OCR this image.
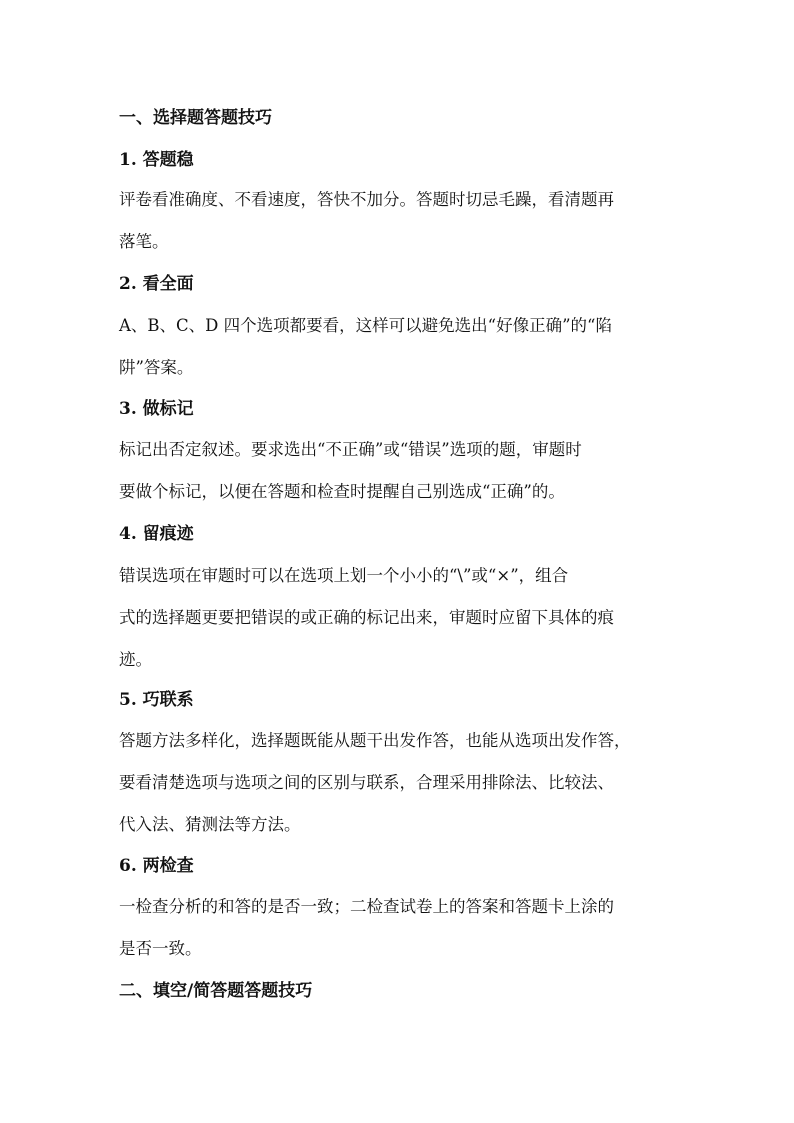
一、选择题答题技巧
1. 答题稳
评卷看准确度、不看速度，答快不加分。答题时切忌毛躁，看清题再
落笔。
2. 看全面
A、B、C、D 四个选项都要看，这样可以避免选出“好像正确”的“陷
阱”答案。
3. 做标记
标记出否定叙述。要求选出“不正确”或“错误”选项的题，审题时
要做个标记，以便在答题和检查时提醒自己别选成“正确”的。
4. 留痕迹
错误选项在审题时可以在选项上划一个小小的“\”或“×”，组合
式的选择题更要把错误的或正确的标记出来，审题时应留下具体的痕
迹。
5. 巧联系
答题方法多样化，选择题既能从题干出发作答，也能从选项出发作答，
要看清楚选项与选项之间的区别与联系，合理采用排除法、比较法、
代入法、猜测法等方法。
6. 两检查
一检查分析的和答的是否一致；二检查试卷上的答案和答题卡上涂的
是否一致。
二、填空/简答题答题技巧
